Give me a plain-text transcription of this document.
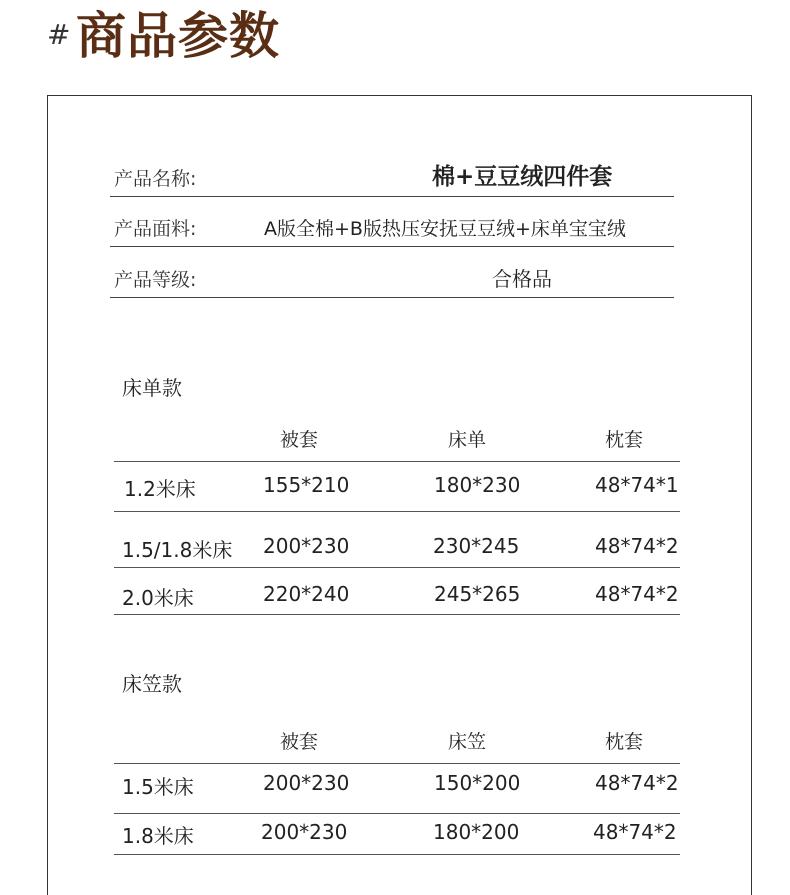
# 商品参数
产品名称:	棉+豆豆绒四件套
产品面料:	A版全棉+B版热压安抚豆豆绒+床单宝宝绒
产品等级:	合格品
床单款
被套	床单	枕套
1.2米床	155*210	180*230	48*74*1
1.5/1.8米床 200*230	230*245	48*74*2
2.0米床	220*240	245*265	48*74*2
床笠款
被套	床笠	枕套
1.5米床	200*230	150*200	48*74*2
1.8米床	200*230	180*200	48*74*2
